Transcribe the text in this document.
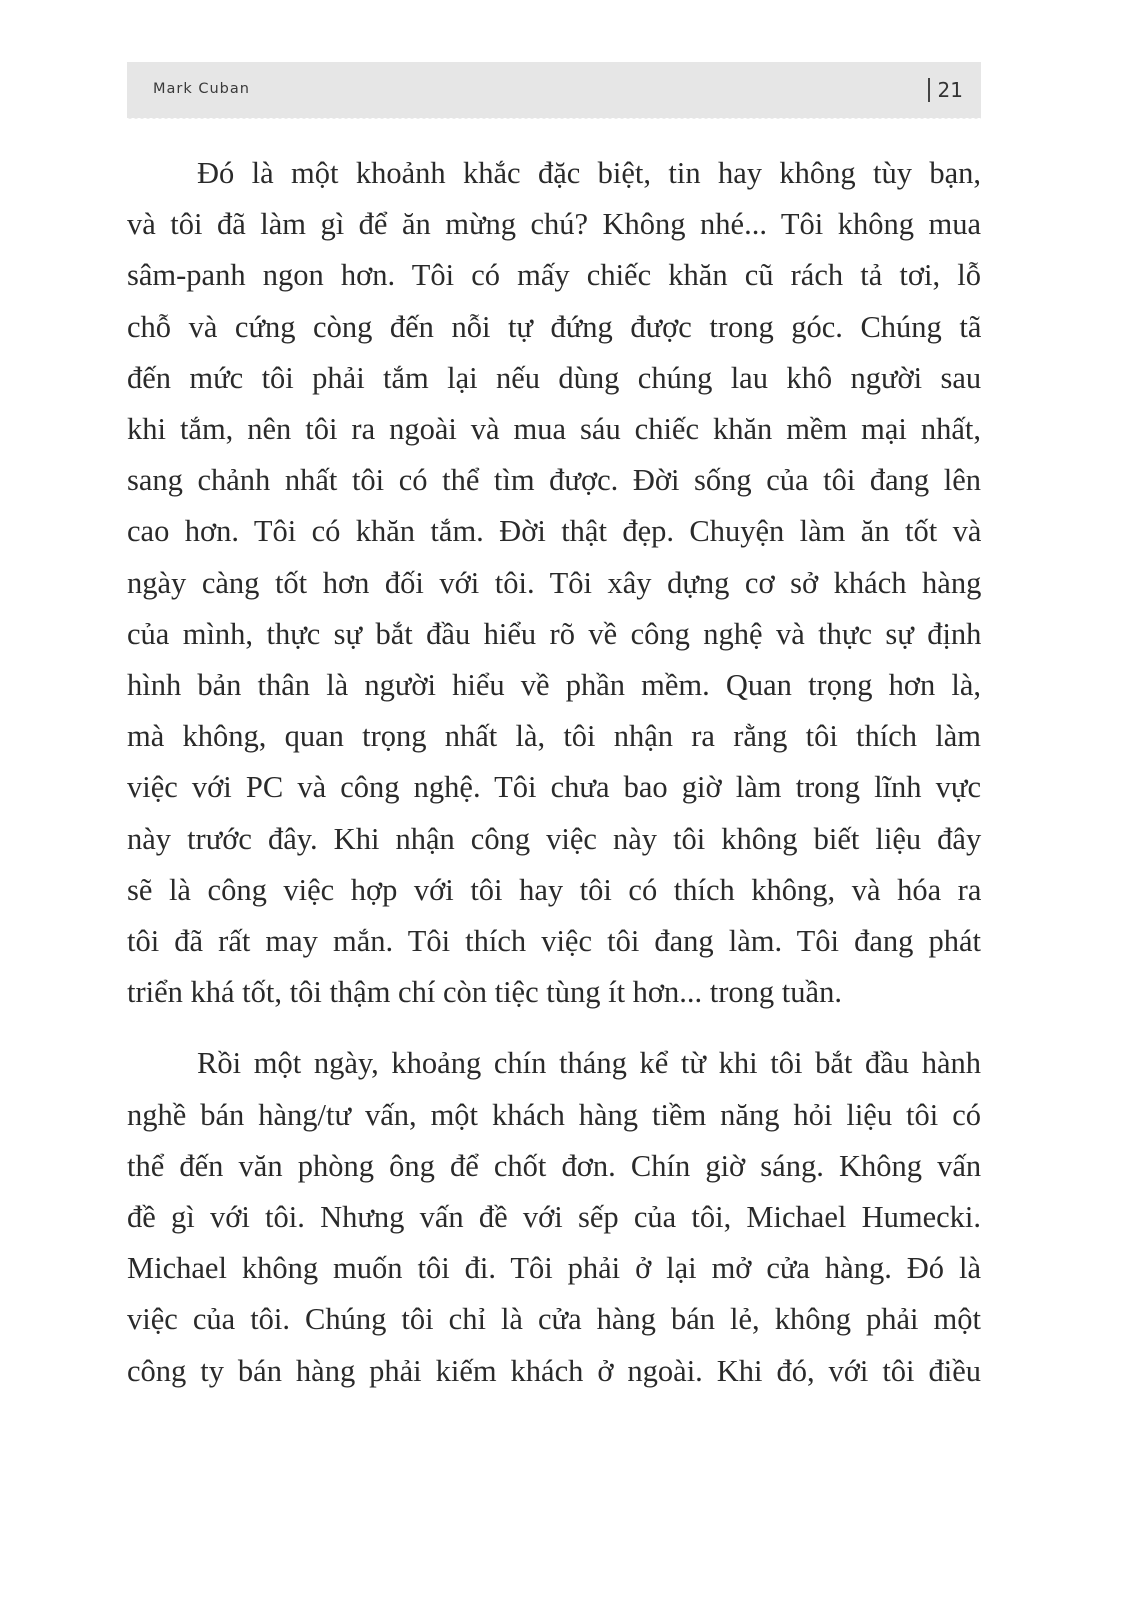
Mark Cuban	21
Đó là một khoảnh khắc đặc biệt, tin hay không tùy bạn,
và tôi đã làm gì để ăn mừng chú? Không nhé... Tôi không mua
sâm-panh ngon hơn. Tôi có mấy chiếc khăn cũ rách tả tơi, lỗ
chỗ và cứng còng đến nỗi tự đứng được trong góc. Chúng tã
đến mức tôi phải tắm lại nếu dùng chúng lau khô người sau
khi tắm, nên tôi ra ngoài và mua sáu chiếc khăn mềm mại nhất,
sang chảnh nhất tôi có thể tìm được. Đời sống của tôi đang lên
cao hơn. Tôi có khăn tắm. Đời thật đẹp. Chuyện làm ăn tốt và
ngày càng tốt hơn đối với tôi. Tôi xây dựng cơ sở khách hàng
của mình, thực sự bắt đầu hiểu rõ về công nghệ và thực sự định
hình bản thân là người hiểu về phần mềm. Quan trọng hơn là,
mà không, quan trọng nhất là, tôi nhận ra rằng tôi thích làm
việc với PC và công nghệ. Tôi chưa bao giờ làm trong lĩnh vực
này trước đây. Khi nhận công việc này tôi không biết liệu đây
sẽ là công việc hợp với tôi hay tôi có thích không, và hóa ra
tôi đã rất may mắn. Tôi thích việc tôi đang làm. Tôi đang phát
triển khá tốt, tôi thậm chí còn tiệc tùng ít hơn... trong tuần.
Rồi một ngày, khoảng chín tháng kể từ khi tôi bắt đầu hành
nghề bán hàng/tư vấn, một khách hàng tiềm năng hỏi liệu tôi có
thể đến văn phòng ông để chốt đơn. Chín giờ sáng. Không vấn
đề gì với tôi. Nhưng vấn đề với sếp của tôi, Michael Humecki.
Michael không muốn tôi đi. Tôi phải ở lại mở cửa hàng. Đó là
việc của tôi. Chúng tôi chỉ là cửa hàng bán lẻ, không phải một
công ty bán hàng phải kiếm khách ở ngoài. Khi đó, với tôi điều
